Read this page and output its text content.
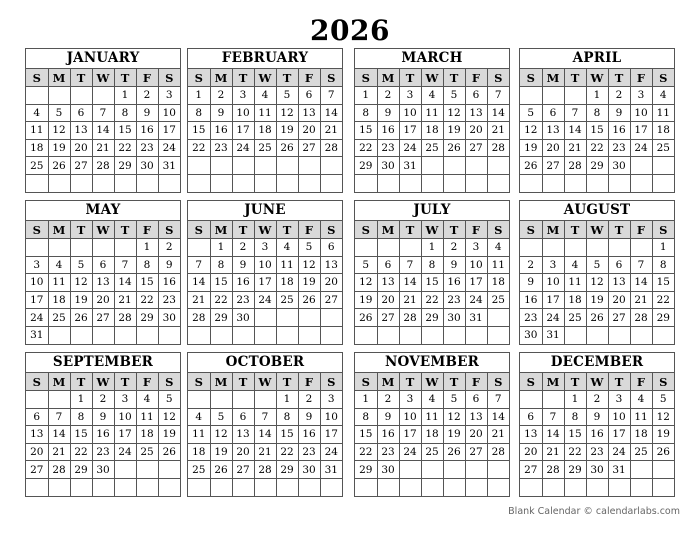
2026
JANUARY
S	M	T	W	T	F	S
				1	2	3
4	5	6	7	8	9	10
11	12	13	14	15	16	17
18	19	20	21	22	23	24
25	26	27	28	29	30	31

FEBRUARY
S	M	T	W	T	F	S
1	2	3	4	5	6	7
8	9	10	11	12	13	14
15	16	17	18	19	20	21
22	23	24	25	26	27	28

MARCH
S	M	T	W	T	F	S
1	2	3	4	5	6	7
8	9	10	11	12	13	14
15	16	17	18	19	20	21
22	23	24	25	26	27	28
29	30	31				

APRIL
S	M	T	W	T	F	S
			1	2	3	4
5	6	7	8	9	10	11
12	13	14	15	16	17	18
19	20	21	22	23	24	25
26	27	28	29	30		

MAY
S	M	T	W	T	F	S
					1	2
3	4	5	6	7	8	9
10	11	12	13	14	15	16
17	18	19	20	21	22	23
24	25	26	27	28	29	30
31						
JUNE
S	M	T	W	T	F	S
	1	2	3	4	5	6
7	8	9	10	11	12	13
14	15	16	17	18	19	20
21	22	23	24	25	26	27
28	29	30				

JULY
S	M	T	W	T	F	S
			1	2	3	4
5	6	7	8	9	10	11
12	13	14	15	16	17	18
19	20	21	22	23	24	25
26	27	28	29	30	31	

AUGUST
S	M	T	W	T	F	S
						1
2	3	4	5	6	7	8
9	10	11	12	13	14	15
16	17	18	19	20	21	22
23	24	25	26	27	28	29
30	31					
SEPTEMBER
S	M	T	W	T	F	S
		1	2	3	4	5
6	7	8	9	10	11	12
13	14	15	16	17	18	19
20	21	22	23	24	25	26
27	28	29	30			

OCTOBER
S	M	T	W	T	F	S
				1	2	3
4	5	6	7	8	9	10
11	12	13	14	15	16	17
18	19	20	21	22	23	24
25	26	27	28	29	30	31

NOVEMBER
S	M	T	W	T	F	S
1	2	3	4	5	6	7
8	9	10	11	12	13	14
15	16	17	18	19	20	21
22	23	24	25	26	27	28
29	30					

DECEMBER
S	M	T	W	T	F	S
		1	2	3	4	5
6	7	8	9	10	11	12
13	14	15	16	17	18	19
20	21	22	23	24	25	26
27	28	29	30	31		

Blank Calendar © calendarlabs.com
